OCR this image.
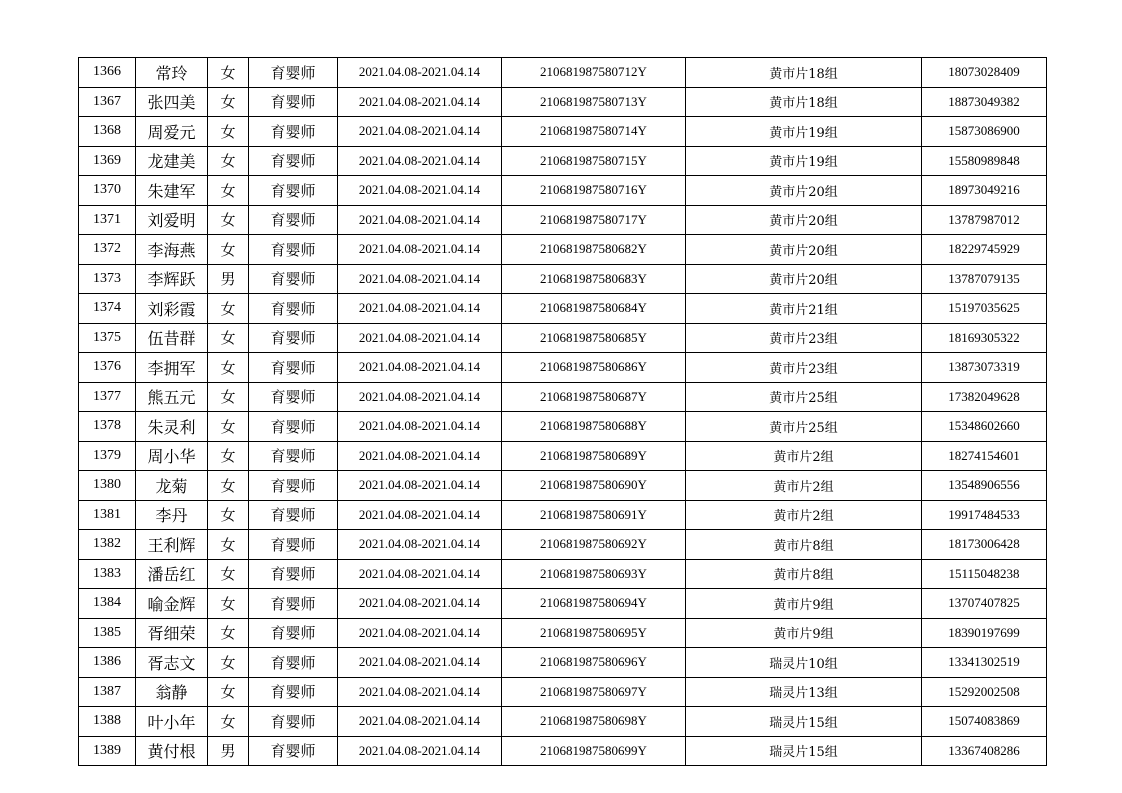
1366	常玲	女	育婴师	2021.04.08-2021.04.14	210681987580712Y	黄市片18组	18073028409
1367	张四美	女	育婴师	2021.04.08-2021.04.14	210681987580713Y	黄市片18组	18873049382
1368	周爱元	女	育婴师	2021.04.08-2021.04.14	210681987580714Y	黄市片19组	15873086900
1369	龙建美	女	育婴师	2021.04.08-2021.04.14	210681987580715Y	黄市片19组	15580989848
1370	朱建军	女	育婴师	2021.04.08-2021.04.14	210681987580716Y	黄市片20组	18973049216
1371	刘爱明	女	育婴师	2021.04.08-2021.04.14	210681987580717Y	黄市片20组	13787987012
1372	李海燕	女	育婴师	2021.04.08-2021.04.14	210681987580682Y	黄市片20组	18229745929
1373	李辉跃	男	育婴师	2021.04.08-2021.04.14	210681987580683Y	黄市片20组	13787079135
1374	刘彩霞	女	育婴师	2021.04.08-2021.04.14	210681987580684Y	黄市片21组	15197035625
1375	伍昔群	女	育婴师	2021.04.08-2021.04.14	210681987580685Y	黄市片23组	18169305322
1376	李拥军	女	育婴师	2021.04.08-2021.04.14	210681987580686Y	黄市片23组	13873073319
1377	熊五元	女	育婴师	2021.04.08-2021.04.14	210681987580687Y	黄市片25组	17382049628
1378	朱灵利	女	育婴师	2021.04.08-2021.04.14	210681987580688Y	黄市片25组	15348602660
1379	周小华	女	育婴师	2021.04.08-2021.04.14	210681987580689Y	黄市片2组	18274154601
1380	龙菊	女	育婴师	2021.04.08-2021.04.14	210681987580690Y	黄市片2组	13548906556
1381	李丹	女	育婴师	2021.04.08-2021.04.14	210681987580691Y	黄市片2组	19917484533
1382	王利辉	女	育婴师	2021.04.08-2021.04.14	210681987580692Y	黄市片8组	18173006428
1383	潘岳红	女	育婴师	2021.04.08-2021.04.14	210681987580693Y	黄市片8组	15115048238
1384	喻金辉	女	育婴师	2021.04.08-2021.04.14	210681987580694Y	黄市片9组	13707407825
1385	胥细荣	女	育婴师	2021.04.08-2021.04.14	210681987580695Y	黄市片9组	18390197699
1386	胥志文	女	育婴师	2021.04.08-2021.04.14	210681987580696Y	瑞灵片10组	13341302519
1387	翁静	女	育婴师	2021.04.08-2021.04.14	210681987580697Y	瑞灵片13组	15292002508
1388	叶小年	女	育婴师	2021.04.08-2021.04.14	210681987580698Y	瑞灵片15组	15074083869
1389	黄付根	男	育婴师	2021.04.08-2021.04.14	210681987580699Y	瑞灵片15组	13367408286
